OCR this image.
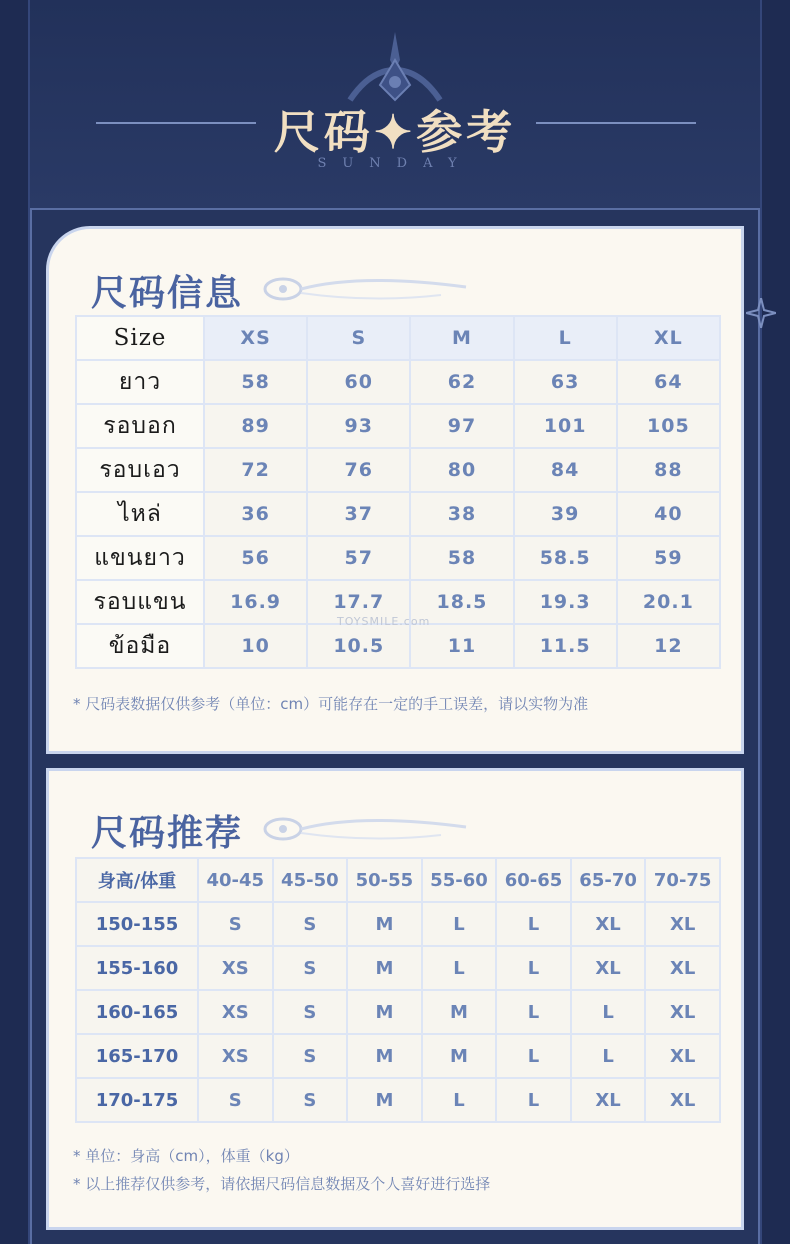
尺码✦参考
SUNDAY
尺码信息
Size	XS	S	M	L	XL
ยาว	58	60	62	63	64
รอบอก	89	93	97	101	105
รอบเอว	72	76	80	84	88
ไหล่	36	37	38	39	40
แขนยาว	56	57	58	58.5	59
รอบแขน	16.9	17.7	18.5	19.3	20.1
ข้อมือ	10	10.5	11	11.5	12
TOYSMILE.com
* 尺码表数据仅供参考（单位：cm）可能存在一定的手工误差，请以实物为准
尺码推荐
身高/体重	40-45	45-50	50-55	55-60	60-65	65-70	70-75
150-155	S	S	M	L	L	XL	XL
155-160	XS	S	M	L	L	XL	XL
160-165	XS	S	M	M	L	L	XL
165-170	XS	S	M	M	L	L	XL
170-175	S	S	M	L	L	XL	XL
* 单位：身高（cm），体重（kg）
* 以上推荐仅供参考，请依据尺码信息数据及个人喜好进行选择
